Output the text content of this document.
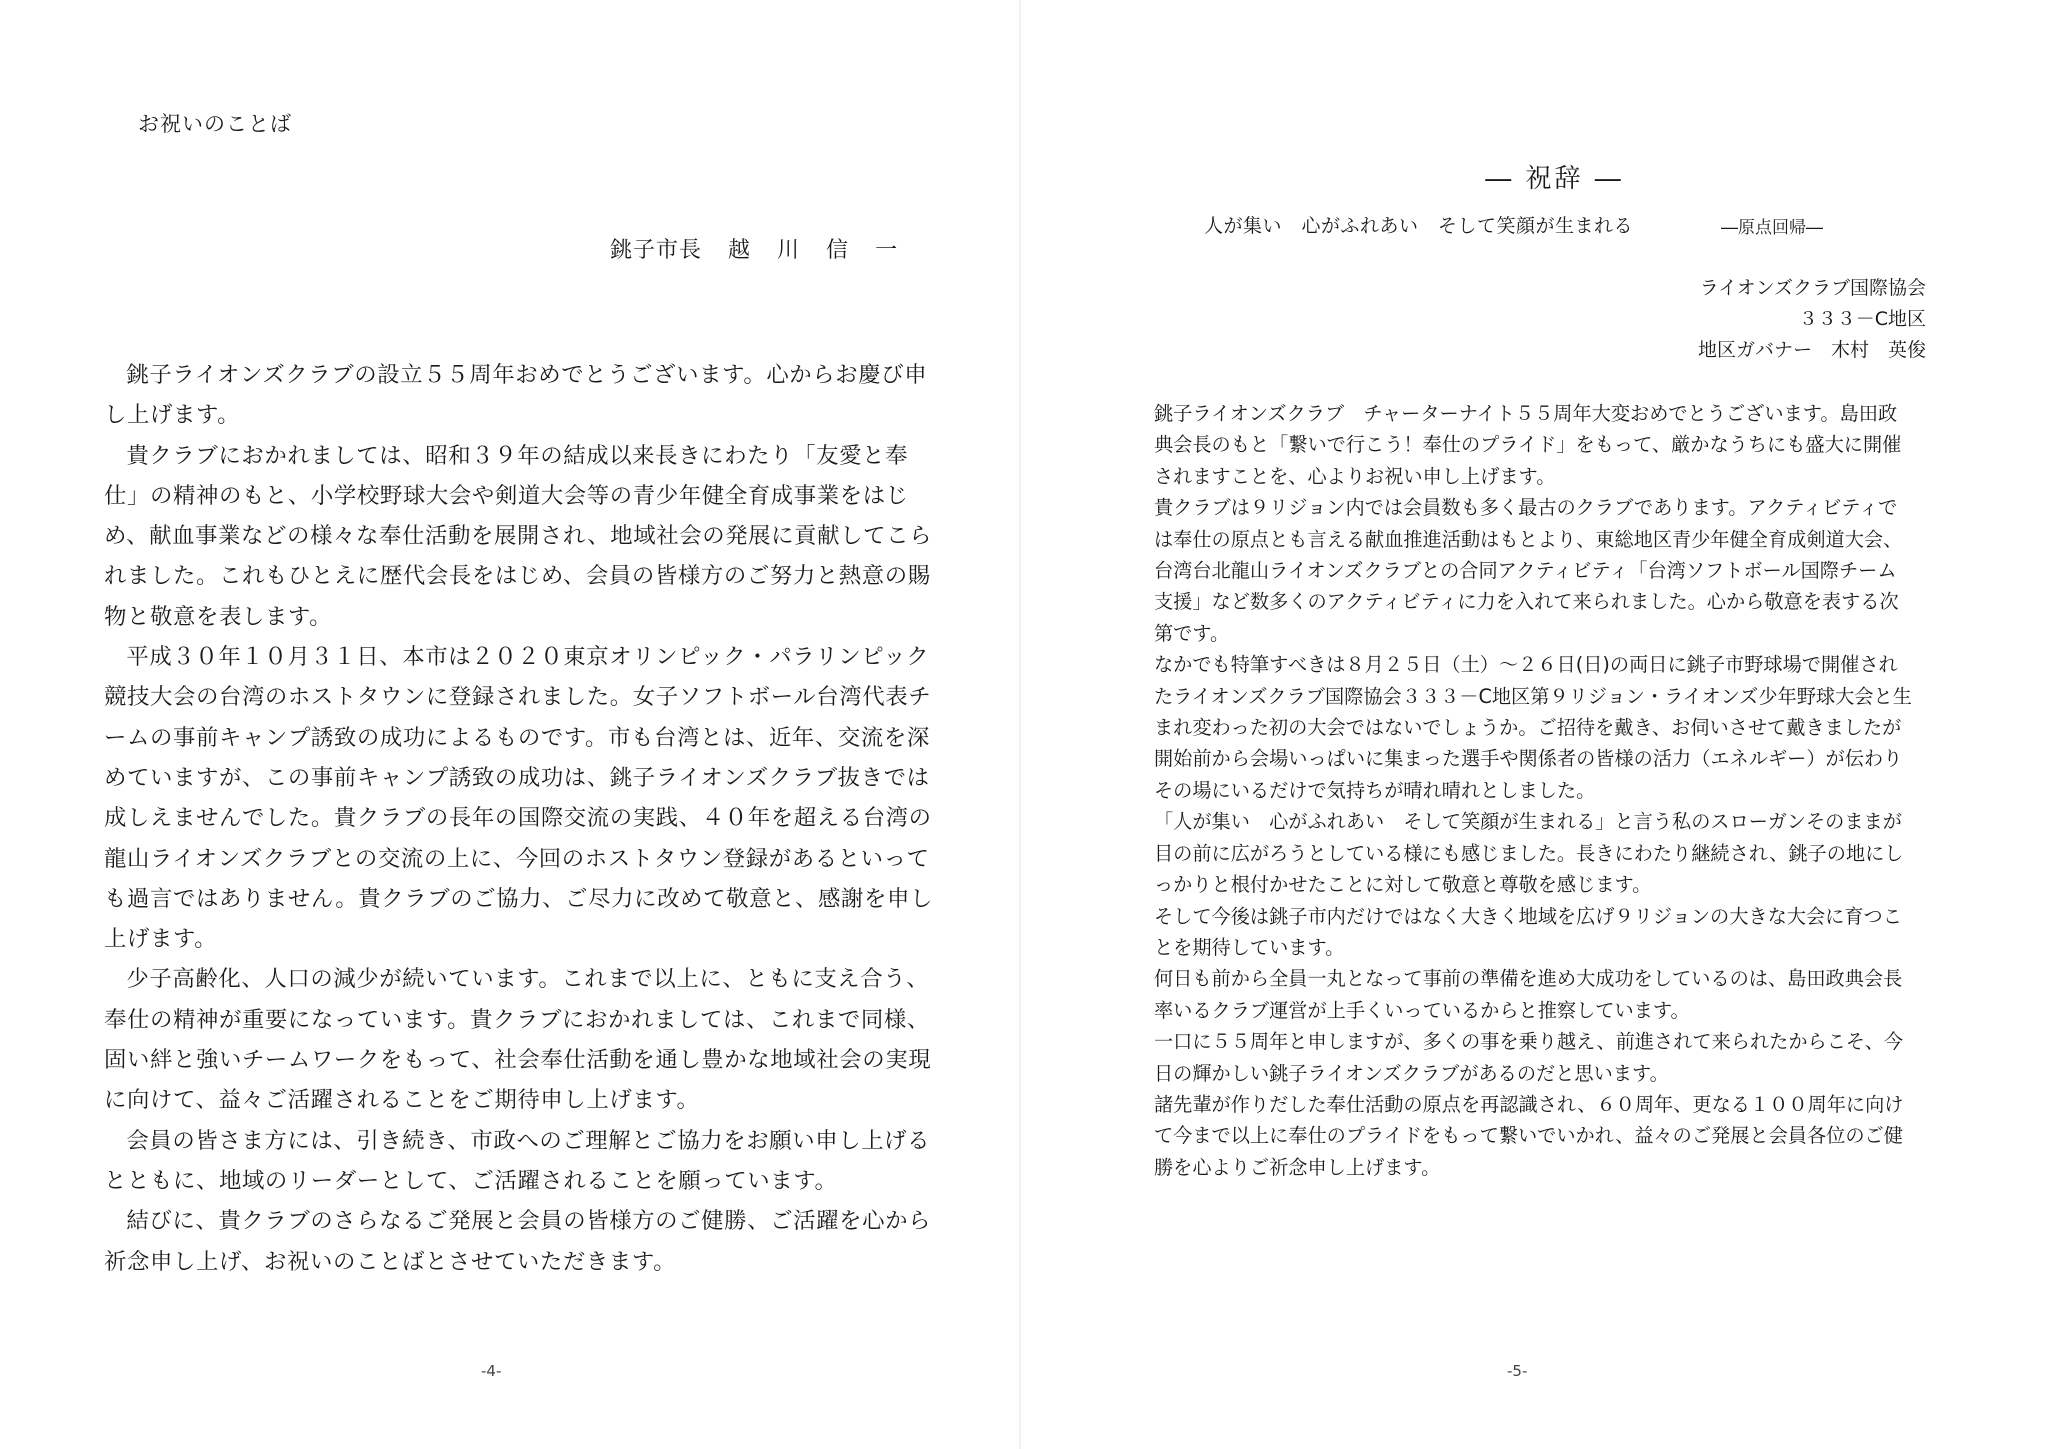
お祝いのことば
銚子市長 越 川 信 一

銚子ライオンズクラブの設立５５周年おめでとうございます。心からお慶び申し上げます。

貴クラブにおかれましては、昭和３９年の結成以来長きにわたり「友愛と奉仕」の精神のもと、小学校野球大会や剣道大会等の青少年健全育成事業をはじめ、献血事業などの様々な奉仕活動を展開され、地域社会の発展に貢献してこられました。これもひとえに歴代会長をはじめ、会員の皆様方のご努力と熱意の賜物と敬意を表します。

平成３０年１０月３１日、本市は２０２０東京オリンピック・パラリンピック競技大会の台湾のホストタウンに登録されました。女子ソフトボール台湾代表チームの事前キャンプ誘致の成功によるものです。市も台湾とは、近年、交流を深めていますが、この事前キャンプ誘致の成功は、銚子ライオンズクラブ抜きでは成しえませんでした。貴クラブの長年の国際交流の実践、４０年を超える台湾の龍山ライオンズクラブとの交流の上に、今回のホストタウン登録があるといっても過言ではありません。貴クラブのご協力、ご尽力に改めて敬意と、感謝を申し上げます。

少子高齢化、人口の減少が続いています。これまで以上に、ともに支え合う、奉仕の精神が重要になっています。貴クラブにおかれましては、これまで同様、固い絆と強いチームワークをもって、社会奉仕活動を通し豊かな地域社会の実現に向けて、益々ご活躍されることをご期待申し上げます。

会員の皆さま方には、引き続き、市政へのご理解とご協力をお願い申し上げるとともに、地域のリーダーとして、ご活躍されることを願っています。

結びに、貴クラブのさらなるご発展と会員の皆様方のご健勝、ご活躍を心から祈念申し上げ、お祝いのことばとさせていただきます。

-4-
― 祝辞 ―
人が集い　心がふれあい　そして笑顔が生まれる	―原点回帰―
ライオンズクラブ国際協会
３３３－C地区
地区ガバナー　木村　英俊

銚子ライオンズクラブ　チャーターナイト５５周年大変おめでとうございます。島田政典会長のもと「繋いで行こう！奉仕のプライド」をもって、厳かなうちにも盛大に開催されますことを、心よりお祝い申し上げます。

貴クラブは９リジョン内では会員数も多く最古のクラブであります。アクティビティでは奉仕の原点とも言える献血推進活動はもとより、東総地区青少年健全育成剣道大会、台湾台北龍山ライオンズクラブとの合同アクティビティ「台湾ソフトボール国際チーム支援」など数多くのアクティビティに力を入れて来られました。心から敬意を表する次第です。

なかでも特筆すべきは８月２５日（土）～２６日(日)の両日に銚子市野球場で開催されたライオンズクラブ国際協会３３３－C地区第９リジョン・ライオンズ少年野球大会と生まれ変わった初の大会ではないでしょうか。ご招待を戴き、お伺いさせて戴きましたが開始前から会場いっぱいに集まった選手や関係者の皆様の活力（エネルギー）が伝わりその場にいるだけで気持ちが晴れ晴れとしました。

「人が集い　心がふれあい　そして笑顔が生まれる」と言う私のスローガンそのままが目の前に広がろうとしている様にも感じました。長きにわたり継続され、銚子の地にしっかりと根付かせたことに対して敬意と尊敬を感じます。

そして今後は銚子市内だけではなく大きく地域を広げ９リジョンの大きな大会に育つことを期待しています。

何日も前から全員一丸となって事前の準備を進め大成功をしているのは、島田政典会長率いるクラブ運営が上手くいっているからと推察しています。

一口に５５周年と申しますが、多くの事を乗り越え、前進されて来られたからこそ、今日の輝かしい銚子ライオンズクラブがあるのだと思います。

諸先輩が作りだした奉仕活動の原点を再認識され、６０周年、更なる１００周年に向けて今まで以上に奉仕のプライドをもって繋いでいかれ、益々のご発展と会員各位のご健勝を心よりご祈念申し上げます。

-5-
